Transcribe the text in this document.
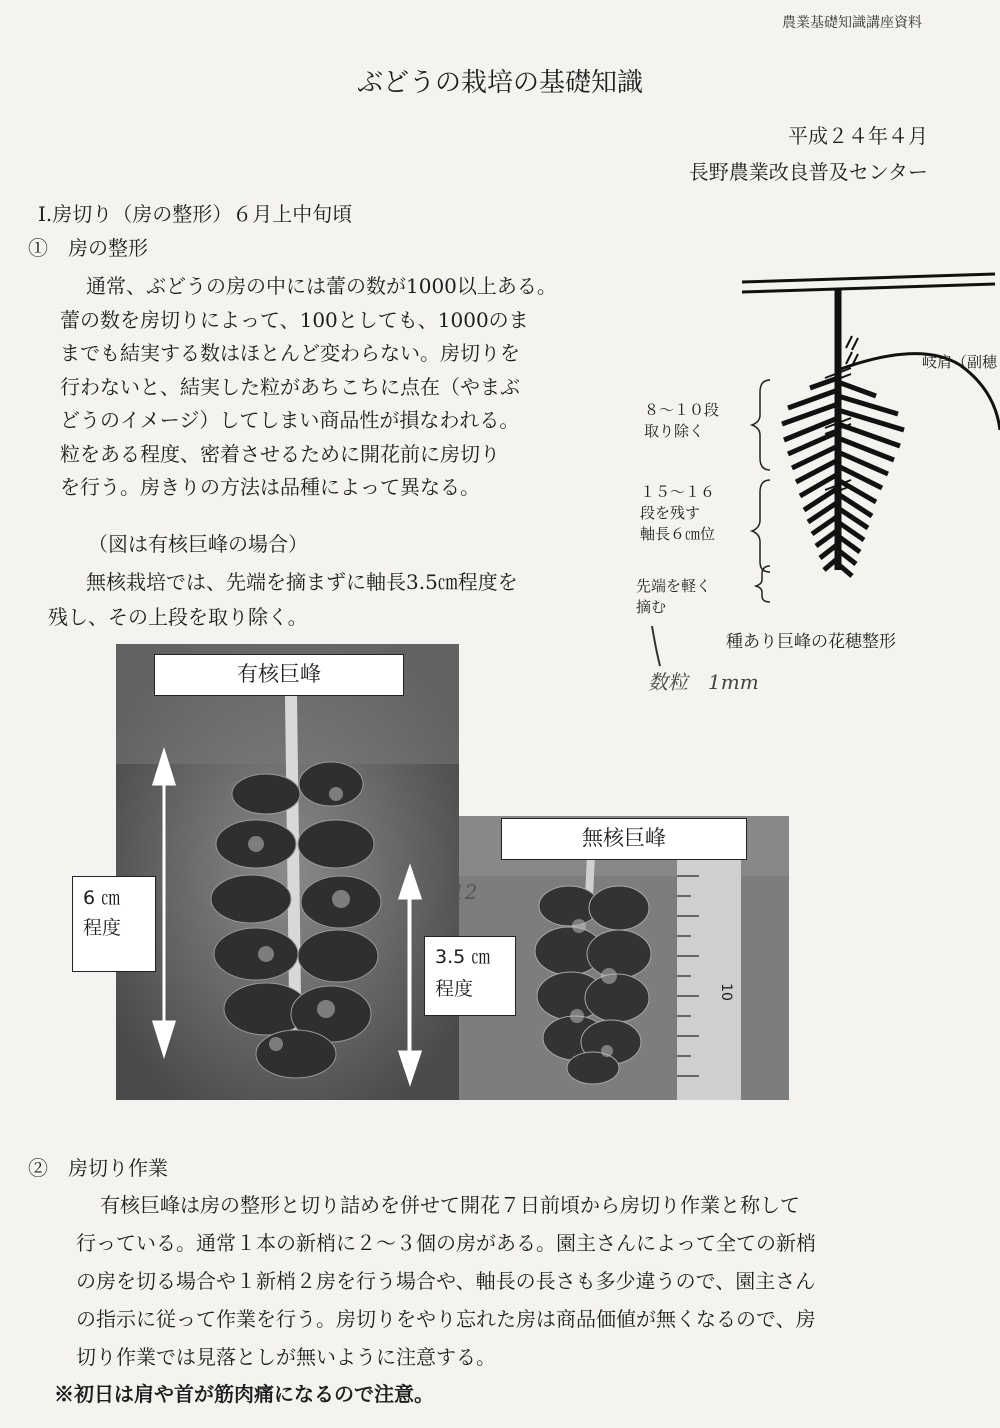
農業基礎知識講座資料
ぶどうの栽培の基礎知識
平成２４年４月
長野農業改良普及センター
Ⅰ.房切り（房の整形）６月上中旬頃
①　房の整形
通常、ぶどうの房の中には蕾の数が1000以上ある。
蕾の数を房切りによって、100としても、1000のま
までも結実する数はほとんど変わらない。房切りを
行わないと、結実した粒があちこちに点在（やまぶ
どうのイメージ）してしまい商品性が損なわれる。
粒をある程度、密着させるために開花前に房切り
を行う。房きりの方法は品種によって異なる。
（図は有核巨峰の場合）
無核栽培では、先端を摘まずに軸長3.5㎝程度を
残し、その上段を取り除く。
岐肩（副穂
８～１０段
取り除く
１５～１６
段を残す
軸長６㎝位
先端を軽く
摘む
種あり巨峰の花穂整形
数粒　1mm
有核巨峰
6 ㎝
程度
無核巨峰
10
12
3.5 ㎝
程度
②　房切り作業
有核巨峰は房の整形と切り詰めを併せて開花７日前頃から房切り作業と称して
行っている。通常１本の新梢に２～３個の房がある。園主さんによって全ての新梢
の房を切る場合や１新梢２房を行う場合や、軸長の長さも多少違うので、園主さん
の指示に従って作業を行う。房切りをやり忘れた房は商品価値が無くなるので、房
切り作業では見落としが無いように注意する。
※初日は肩や首が筋肉痛になるので注意。
